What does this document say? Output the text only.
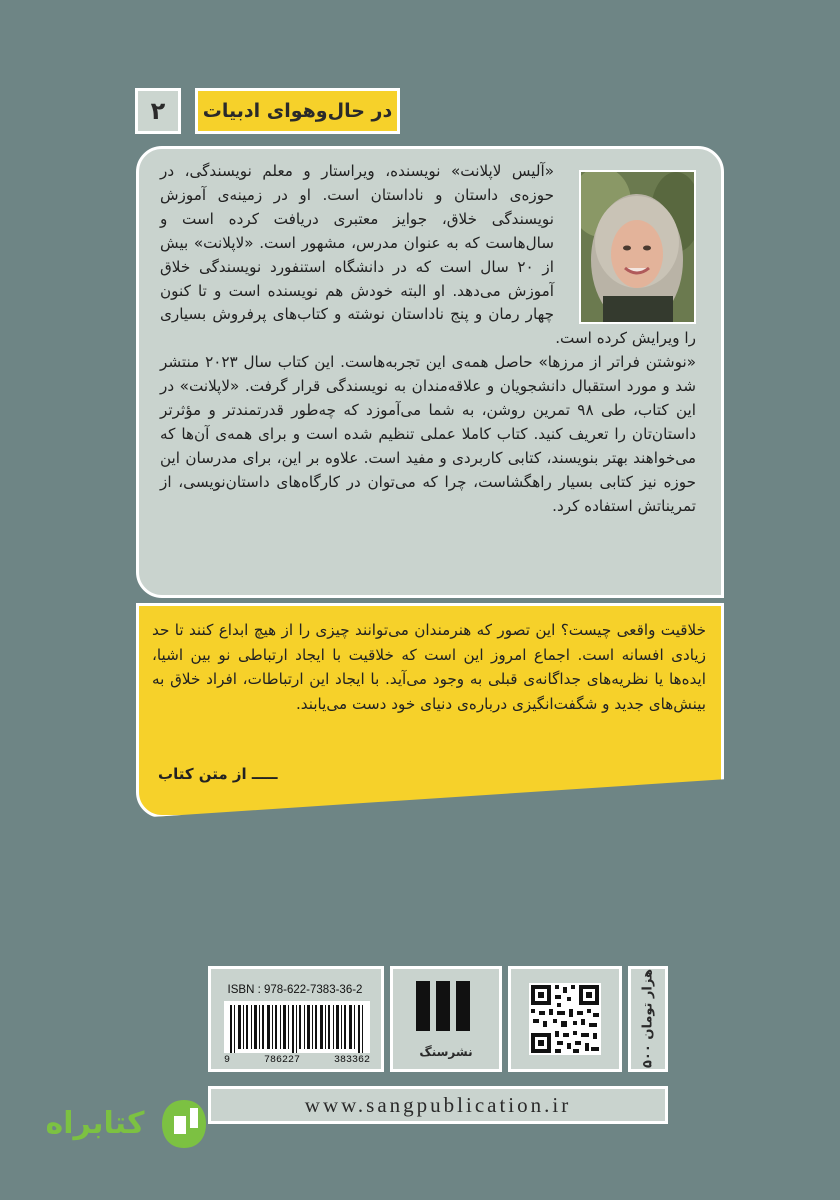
در حال‌وهوای ادبیات
۲

«آلیس لاپلانت» نویسنده، ویراستار و معلم نویسندگی، در حوزه‌ی داستان و ناداستان است. او در زمینه‌ی آموزش نویسندگی خلاق، جوایز معتبری دریافت کرده است و سال‌هاست که به عنوان مدرس، مشهور است. «لاپلانت» بیش از ۲۰ سال است که در دانشگاه استنفورد نویسندگی خلاق آموزش می‌دهد. او البته خودش هم نویسنده است و تا کنون چهار رمان و پنج ناداستان نوشته و کتاب‌های پرفروش بسیاری را ویرایش کرده است.

«نوشتن فراتر از مرزها» حاصل همه‌ی این تجربه‌هاست. این کتاب سال ۲۰۲۳ منتشر شد و مورد استقبال دانشجویان و علاقه‌مندان به نویسندگی قرار گرفت. «لاپلانت» در این کتاب، طی ۹۸ تمرین روشن، به شما می‌آموزد که چه‌طور قدرتمندتر و مؤثرتر داستان‌تان را تعریف کنید. کتاب کاملا عملی تنظیم شده است و برای همه‌ی آن‌ها که می‌خواهند بهتر بنویسند، کتابی کاربردی و مفید است. علاوه بر این، برای مدرسان این حوزه نیز کتابی بسیار راهگشاست، چرا که می‌توان در کارگاه‌های داستان‌نویسی، از تمریناتش استفاده کرد.

خلاقیت واقعی چیست؟ این تصور که هنرمندان می‌توانند چیزی را از هیچ ابداع کنند تا حد زیادی افسانه است. اجماع امروز این است که خلاقیت با ایجاد ارتباطی نو بین اشیا، ایده‌ها یا نظریه‌های جداگانه‌ی قبلی به وجود می‌آید. با ایجاد این ارتباطات، افراد خلاق به بینش‌های جدید و شگفت‌انگیزی درباره‌ی دنیای خود دست می‌یابند.
ـــــ از متن کتاب
۵۰۰ هزار تومان
نشرسنگ
ISBN : 978-622-7383-36-2
9	786227	383362
www.sangpublication.ir
کتابراه
